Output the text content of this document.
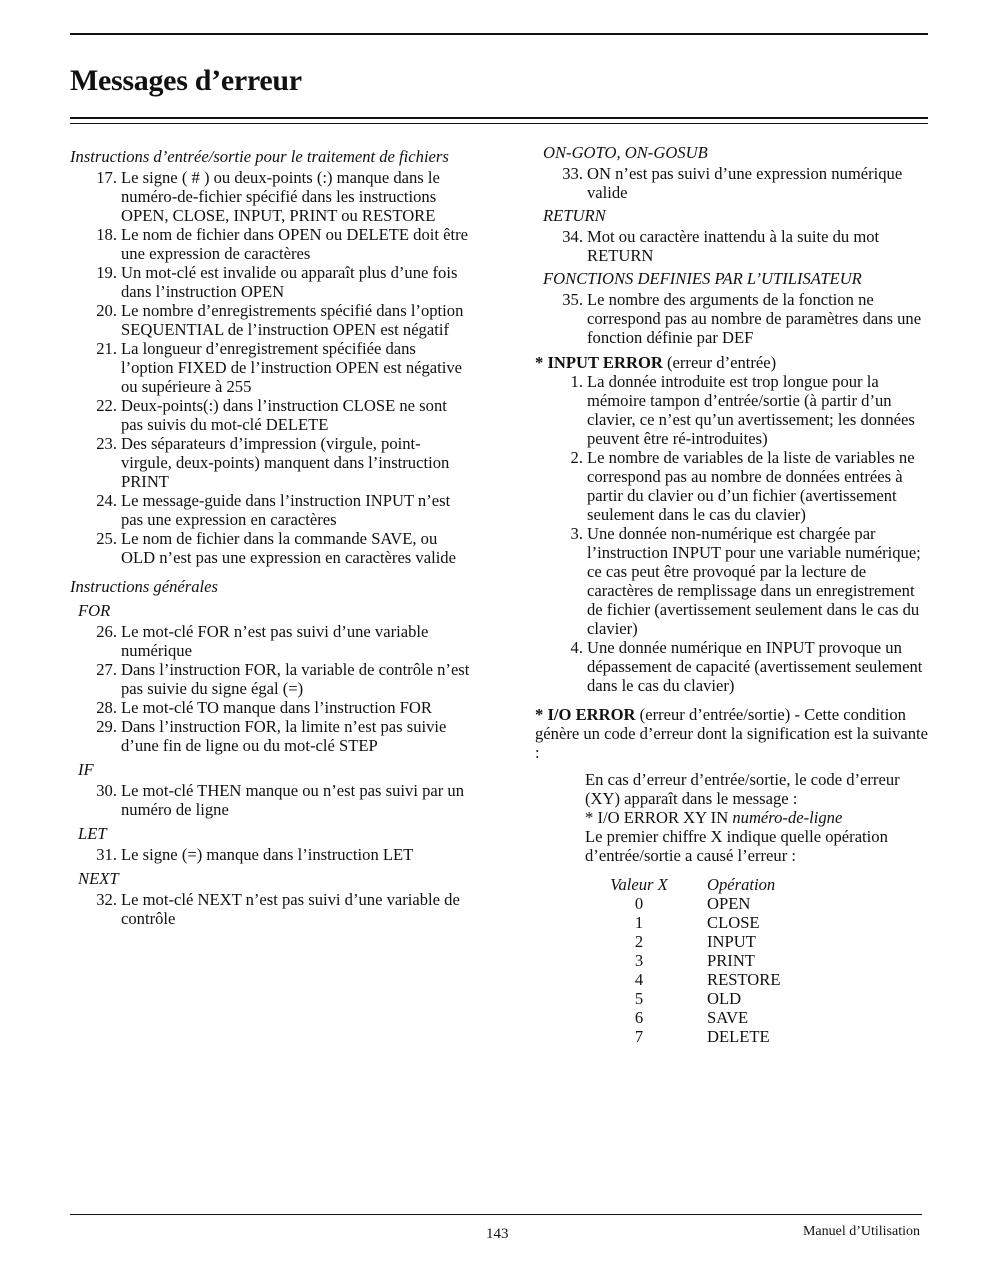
Messages d’erreur
Instructions d’entrée/sortie pour le traitement de fichiers
17. Le signe ( # ) ou deux-points (:) manque dans le numéro-de-fichier spécifié dans les instructions OPEN, CLOSE, INPUT, PRINT ou RESTORE
18. Le nom de fichier dans OPEN ou DELETE doit être une expression de caractères
19. Un mot-clé est invalide ou apparaît plus d’une fois dans l’instruction OPEN
20. Le nombre d’enregistrements spécifié dans l’option SEQUENTIAL de l’instruction OPEN est négatif
21. La longueur d’enregistrement spécifiée dans l’option FIXED de l’instruction OPEN est négative ou supérieure à 255
22. Deux-points(:) dans l’instruction CLOSE ne sont pas suivis du mot-clé DELETE
23. Des séparateurs d’impression (virgule, point-virgule, deux-points) manquent dans l’instruction PRINT
24. Le message-guide dans l’instruction INPUT n’est pas une expression en caractères
25. Le nom de fichier dans la commande SAVE, ou OLD n’est pas une expression en caractères valide
Instructions générales
FOR
26. Le mot-clé FOR n’est pas suivi d’une variable numérique
27. Dans l’instruction FOR, la variable de contrôle n’est pas suivie du signe égal (=)
28. Le mot-clé TO manque dans l’instruction FOR
29. Dans l’instruction FOR, la limite n’est pas suivie d’une fin de ligne ou du mot-clé STEP
IF
30. Le mot-clé THEN manque ou n’est pas suivi par un numéro de ligne
LET
31. Le signe (=) manque dans l’instruction LET
NEXT
32. Le mot-clé NEXT n’est pas suivi d’une variable de contrôle
ON-GOTO, ON-GOSUB
33. ON n’est pas suivi d’une expression numérique valide
RETURN
34. Mot ou caractère inattendu à la suite du mot RETURN
FONCTIONS DEFINIES PAR L’UTILISATEUR
35. Le nombre des arguments de la fonction ne correspond pas au nombre de paramètres dans une fonction définie par DEF
* INPUT ERROR (erreur d’entrée)
1. La donnée introduite est trop longue pour la mémoire tampon d’entrée/sortie (à partir d’un clavier, ce n’est qu’un avertissement; les données peuvent être ré-introduites)
2. Le nombre de variables de la liste de variables ne correspond pas au nombre de données entrées à partir du clavier ou d’un fichier (avertissement seulement dans le cas du clavier)
3. Une donnée non-numérique est chargée par l’instruction INPUT pour une variable numérique; ce cas peut être provoqué par la lecture de caractères de remplissage dans un enregistrement de fichier (avertissement seulement dans le cas du clavier)
4. Une donnée numérique en INPUT provoque un dépassement de capacité (avertissement seulement dans le cas du clavier)
* I/O ERROR (erreur d’entrée/sortie) - Cette condition génère un code d’erreur dont la signification est la suivante :
En cas d’erreur d’entrée/sortie, le code d’erreur (XY) apparaît dans le message :
* I/O ERROR XY IN numéro-de-ligne
Le premier chiffre X indique quelle opération d’entrée/sortie a causé l’erreur :
Valeur X	Opération
0	OPEN
1	CLOSE
2	INPUT
3	PRINT
4	RESTORE
5	OLD
6	SAVE
7	DELETE
143	Manuel d’Utilisation
